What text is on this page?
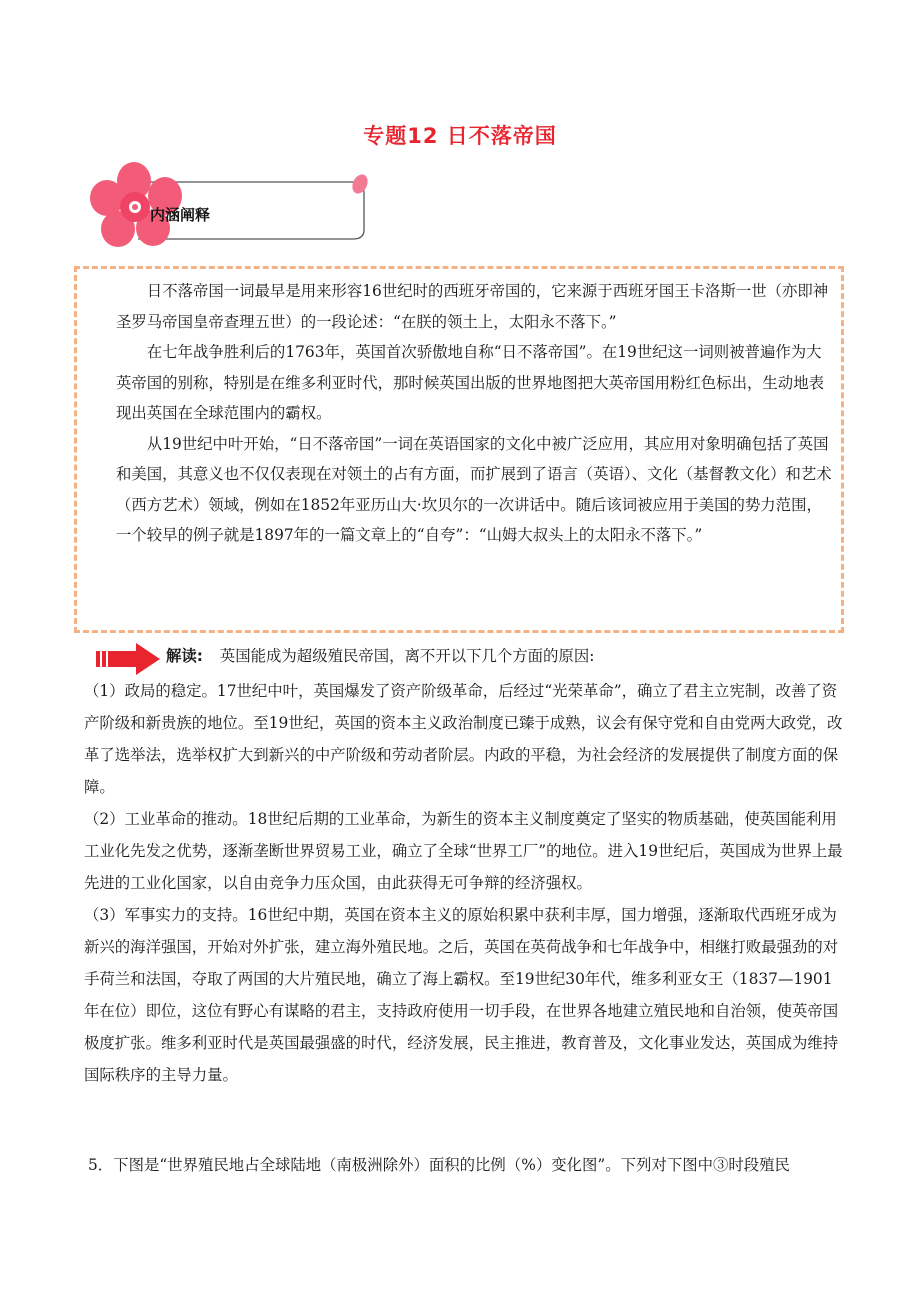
专题12 日不落帝国
内涵阐释

日不落帝国一词最早是用来形容16世纪时的西班牙帝国的，它来源于西班牙国王卡洛斯一世（亦即神圣罗马帝国皇帝查理五世）的一段论述：“在朕的领土上，太阳永不落下。”

在七年战争胜利后的1763年，英国首次骄傲地自称“日不落帝国”。在19世纪这一词则被普遍作为大英帝国的别称，特别是在维多利亚时代，那时候英国出版的世界地图把大英帝国用粉红色标出，生动地表现出英国在全球范围内的霸权。

从19世纪中叶开始，“日不落帝国”一词在英语国家的文化中被广泛应用，其应用对象明确包括了英国和美国，其意义也不仅仅表现在对领土的占有方面，而扩展到了语言（英语）、文化（基督教文化）和艺术（西方艺术）领域，例如在1852年亚历山大·坎贝尔的一次讲话中。随后该词被应用于美国的势力范围，一个较早的例子就是1897年的一篇文章上的“自夸”：“山姆大叔头上的太阳永不落下。”

解读: 英国能成为超级殖民帝国，离不开以下几个方面的原因:

（1）政局的稳定。17世纪中叶，英国爆发了资产阶级革命，后经过“光荣革命”，确立了君主立宪制，改善了资产阶级和新贵族的地位。至19世纪，英国的资本主义政治制度已臻于成熟，议会有保守党和自由党两大政党，改革了选举法，选举权扩大到新兴的中产阶级和劳动者阶层。内政的平稳，为社会经济的发展提供了制度方面的保障。

（2）工业革命的推动。18世纪后期的工业革命，为新生的资本主义制度奠定了坚实的物质基础，使英国能利用工业化先发之优势，逐渐垄断世界贸易工业，确立了全球“世界工厂”的地位。进入19世纪后，英国成为世界上最先进的工业化国家，以自由竞争力压众国，由此获得无可争辩的经济强权。

（3）军事实力的支持。16世纪中期，英国在资本主义的原始积累中获利丰厚，国力增强，逐渐取代西班牙成为新兴的海洋强国，开始对外扩张，建立海外殖民地。之后，英国在英荷战争和七年战争中，相继打败最强劲的对手荷兰和法国，夺取了两国的大片殖民地，确立了海上霸权。至19世纪30年代，维多利亚女王（1837—1901年在位）即位，这位有野心有谋略的君主，支持政府使用一切手段，在世界各地建立殖民地和自治领，使英帝国极度扩张。维多利亚时代是英国最强盛的时代，经济发展，民主推进，教育普及，文化事业发达，英国成为维持国际秩序的主导力量。

5．下图是“世界殖民地占全球陆地（南极洲除外）面积的比例（%）变化图”。下列对下图中③时段殖民
